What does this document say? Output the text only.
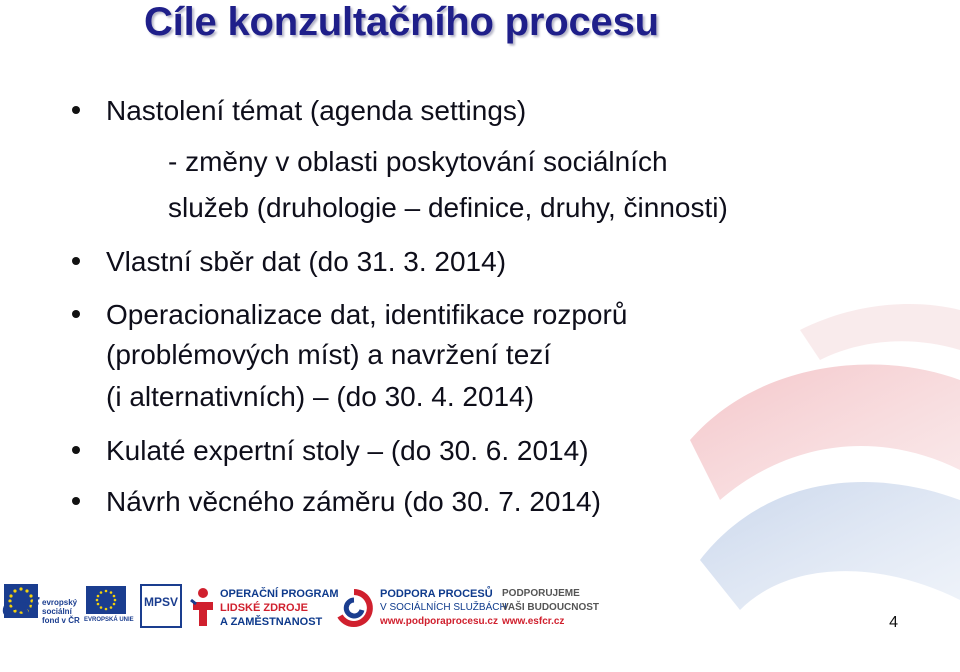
Cíle konzultačního procesu
Nastolení témat (agenda settings)
- změny v oblasti poskytování sociálních
služeb (druhologie – definice, druhy, činnosti)
Vlastní sběr dat (do 31. 3. 2014)
Operacionalizace dat, identifikace rozporů
(problémových míst) a navržení tezí
(i alternativních) – (do 30. 4. 2014)
Kulaté expertní stoly – (do 30. 6. 2014)
Návrh věcného záměru (do 30. 7. 2014)
esf evropský
sociální
fond v ČR EVROPSKÁ UNIE
MPSV
OPERAČNÍ PROGRAM
LIDSKÉ ZDROJE
A ZAMĚSTNANOST
PODPORA PROCESŮ
V SOCIÁLNÍCH SLUŽBÁCH
www.podporaprocesu.cz
PODPORUJEME
VAŠI BUDOUCNOST
www.esfcr.cz	4
